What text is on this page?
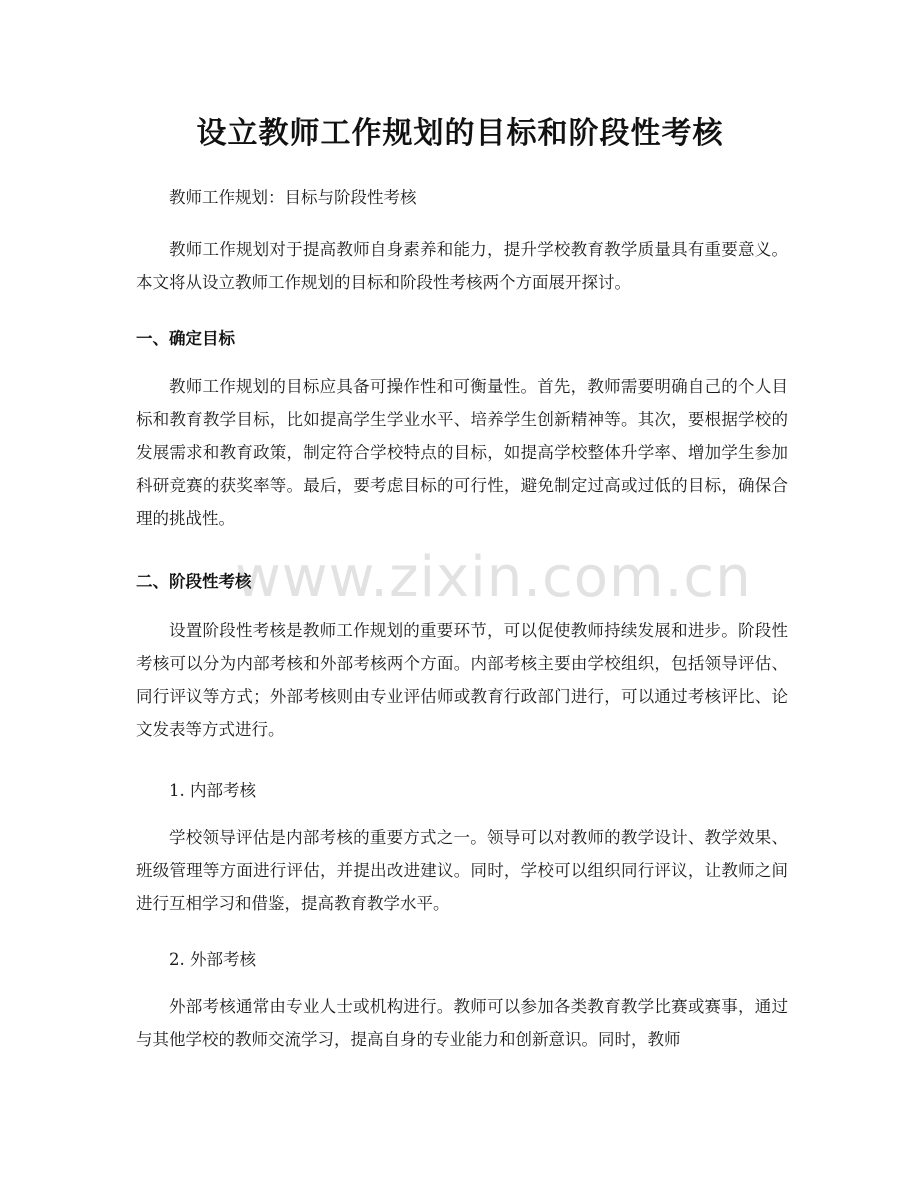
设立教师工作规划的目标和阶段性考核

教师工作规划：目标与阶段性考核

教师工作规划对于提高教师自身素养和能力，提升学校教育教学质量具有重要意义。本文将从设立教师工作规划的目标和阶段性考核两个方面展开探讨。

一、确定目标

教师工作规划的目标应具备可操作性和可衡量性。首先，教师需要明确自己的个人目标和教育教学目标，比如提高学生学业水平、培养学生创新精神等。其次，要根据学校的发展需求和教育政策，制定符合学校特点的目标，如提高学校整体升学率、增加学生参加科研竞赛的获奖率等。最后，要考虑目标的可行性，避免制定过高或过低的目标，确保合理的挑战性。

二、阶段性考核

设置阶段性考核是教师工作规划的重要环节，可以促使教师持续发展和进步。阶段性考核可以分为内部考核和外部考核两个方面。内部考核主要由学校组织，包括领导评估、同行评议等方式；外部考核则由专业评估师或教育行政部门进行，可以通过考核评比、论文发表等方式进行。

1. 内部考核

学校领导评估是内部考核的重要方式之一。领导可以对教师的教学设计、教学效果、班级管理等方面进行评估，并提出改进建议。同时，学校可以组织同行评议，让教师之间进行互相学习和借鉴，提高教育教学水平。

2. 外部考核

外部考核通常由专业人士或机构进行。教师可以参加各类教育教学比赛或赛事，通过与其他学校的教师交流学习，提高自身的专业能力和创新意识。同时，教师

www.zixin.com.cn
